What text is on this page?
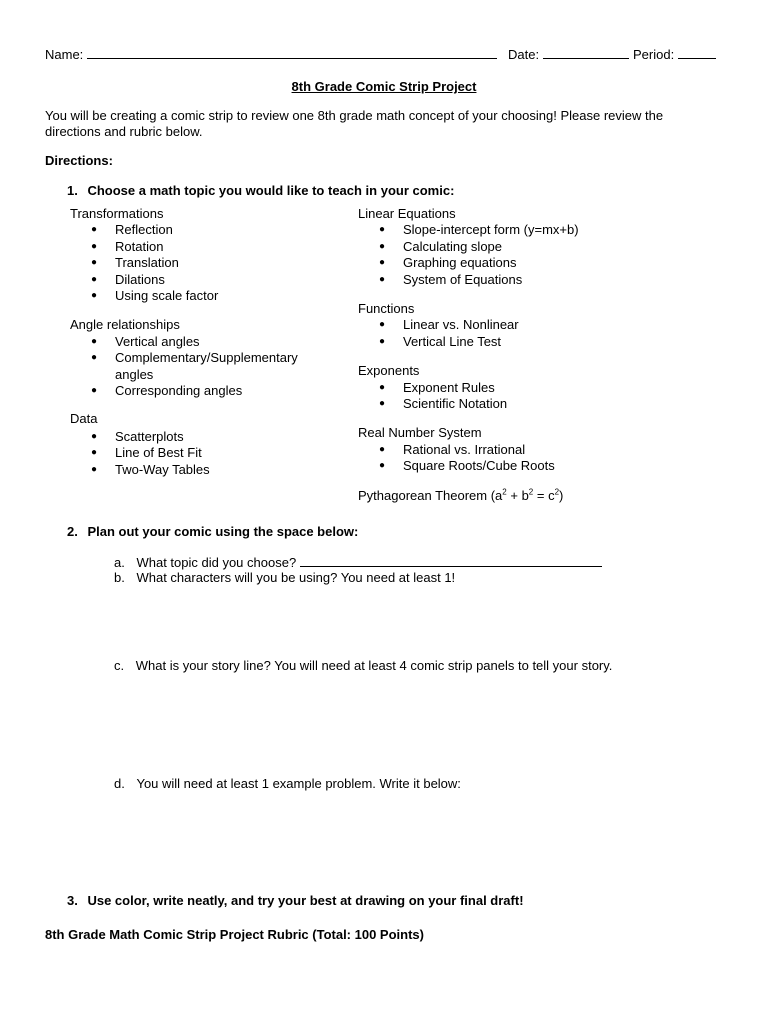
Name:	Date:	Period:
8th Grade Comic Strip Project
You will be creating a comic strip to review one 8th grade math concept of your choosing! Please review the
directions and rubric below.
Directions:
1. Choose a math topic you would like to teach in your comic:

Transformations

● Reflection
● Rotation
● Translation
● Dilations
● Using scale factor

Angle relationships

● Vertical angles
● Complementary/Supplementary
angles
● Corresponding angles

Data

● Scatterplots
● Line of Best Fit
● Two-Way Tables

Linear Equations

● Slope-intercept form (y=mx+b)
● Calculating slope
● Graphing equations
● System of Equations

Functions

● Linear vs. Nonlinear
● Vertical Line Test

Exponents

● Exponent Rules
● Scientific Notation

Real Number System

● Rational vs. Irrational
● Square Roots/Cube Roots
Pythagorean Theorem $(a^2 + b^2 = c^2)$
2. Plan out your comic using the space below:
a. What topic did you choose?
b. What characters will you be using? You need at least 1!
c. What is your story line? You will need at least 4 comic strip panels to tell your story.
d. You will need at least 1 example problem. Write it below:
3. Use color, write neatly, and try your best at drawing on your final draft!
8th Grade Math Comic Strip Project Rubric (Total: 100 Points)
